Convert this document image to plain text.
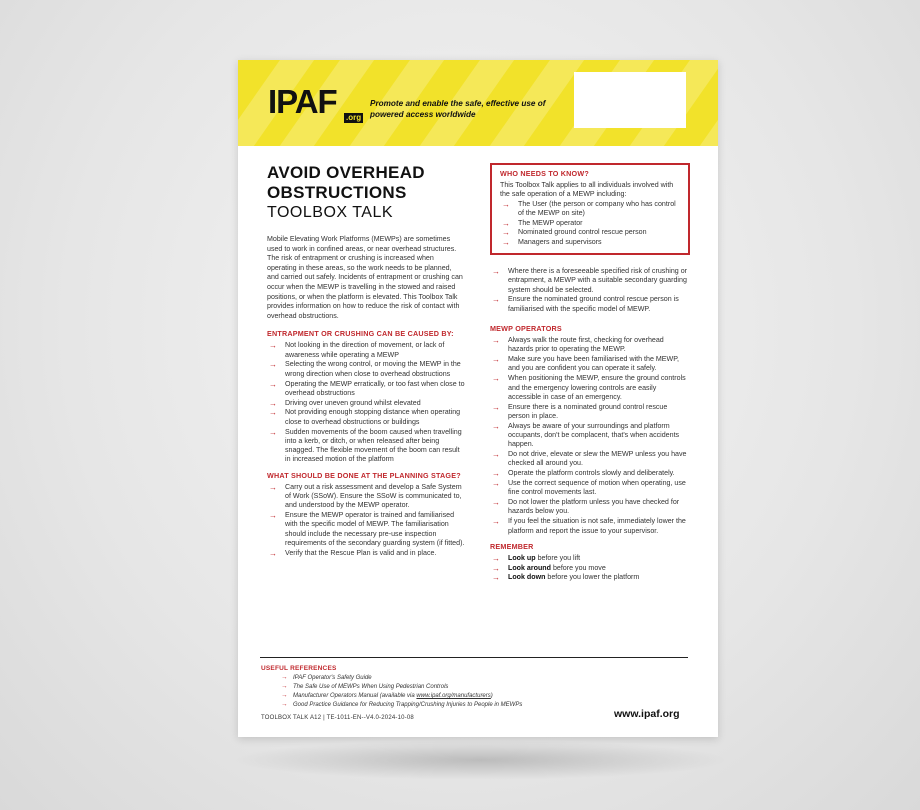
IPAF .org
Promote and enable the safe, effective use of powered access worldwide
AVOID OVERHEAD
OBSTRUCTIONS
TOOLBOX TALK

Mobile Elevating Work Platforms (MEWPs) are sometimes used to work in confined areas, or near overhead structures. The risk of entrapment or crushing is increased when operating in these areas, so the work needs to be planned, and carried out safely. Incidents of entrapment or crushing can occur when the MEWP is travelling in the stowed and raised positions, or when the platform is elevated. This Toolbox Talk provides information on how to reduce the risk of contact with overhead obstructions.

ENTRAPMENT OR CRUSHING CAN BE CAUSED BY:
→ Not looking in the direction of movement, or lack of awareness while operating a MEWP
→ Selecting the wrong control, or moving the MEWP in the wrong direction when close to overhead obstructions
→ Operating the MEWP erratically, or too fast when close to overhead obstructions
→ Driving over uneven ground whilst elevated
→ Not providing enough stopping distance when operating close to overhead obstructions or buildings
→ Sudden movements of the boom caused when travelling into a kerb, or ditch, or when released after being snagged. The flexible movement of the boom can result in increased motion of the platform
WHAT SHOULD BE DONE AT THE PLANNING STAGE?
→ Carry out a risk assessment and develop a Safe System of Work (SSoW). Ensure the SSoW is communicated to, and understood by the MEWP operator.
→ Ensure the MEWP operator is trained and familiarised with the specific model of MEWP. The familiarisation should include the necessary pre-use inspection requirements of the secondary guarding system (if fitted).
→ Verify that the Rescue Plan is valid and in place.
WHO NEEDS TO KNOW?
This Toolbox Talk applies to all individuals involved with the safe operation of a MEWP including:
→ The User (the person or company who has control of the MEWP on site)
→ The MEWP operator
→ Nominated ground control rescue person
→ Managers and supervisors
→ Where there is a foreseeable specified risk of crushing or entrapment, a MEWP with a suitable secondary guarding system should be selected.
→ Ensure the nominated ground control rescue person is familiarised with the specific model of MEWP.
MEWP OPERATORS
→ Always walk the route first, checking for overhead hazards prior to operating the MEWP.
→ Make sure you have been familiarised with the MEWP, and you are confident you can operate it safely.
→ When positioning the MEWP, ensure the ground controls and the emergency lowering controls are easily accessible in case of an emergency.
→ Ensure there is a nominated ground control rescue person in place.
→ Always be aware of your surroundings and platform occupants, don't be complacent, that's when accidents happen.
→ Do not drive, elevate or slew the MEWP unless you have checked all around you.
→ Operate the platform controls slowly and deliberately.
→ Use the correct sequence of motion when operating, use fine control movements last.
→ Do not lower the platform unless you have checked for hazards below you.
→ If you feel the situation is not safe, immediately lower the platform and report the issue to your supervisor.
REMEMBER
→ Look up before you lift
→ Look around before you move
→ Look down before you lower the platform
USEFUL REFERENCES
→ IPAF Operator's Safety Guide
→ The Safe Use of MEWPs When Using Pedestrian Controls
→ Manufacturer Operators Manual (available via www.ipaf.org/manufacturers)
→ Good Practice Guidance for Reducing Trapping/Crushing Injuries to People in MEWPs
TOOLBOX TALK A12 | TE-1011-EN--V4.0-2024-10-08	www.ipaf.org
